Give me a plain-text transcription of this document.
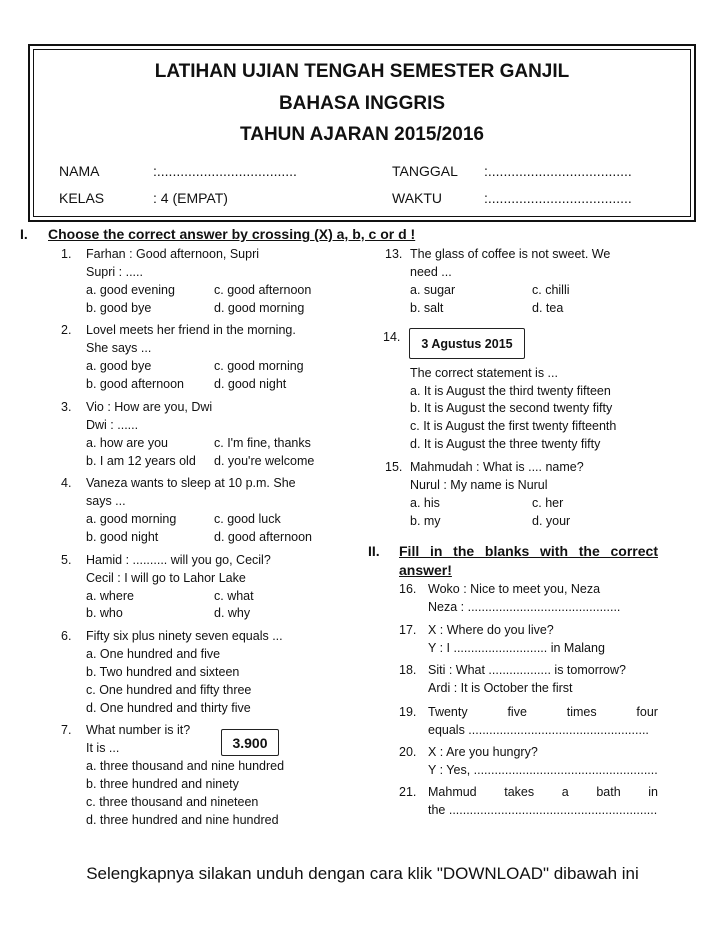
LATIHAN UJIAN TENGAH SEMESTER GANJIL
BAHASA INGGRIS
TAHUN AJARAN 2015/2016
NAMA	:....................................	TANGGAL :.....................................
KELAS	: 4 (EMPAT)	WAKTU	:.....................................
I. Choose the correct answer by crossing (X) a, b, c or d !
1. Farhan : Good afternoon, Supri
Supri : .....
a. good evening	c. good afternoon
b. good bye	d. good morning
2. Lovel meets her friend in the morning.
She says ...
a. good bye	c. good morning
b. good afternoon d. good night
3. Vio : How are you, Dwi
Dwi : ......
a. how are you	c. I'm fine, thanks
b. I am 12 years old d. you're welcome
4. Vaneza wants to sleep at 10 p.m. She
says ...
a. good morning	c. good luck
b. good night	d. good afternoon
5. Hamid : .......... will you go, Cecil?
Cecil : I will go to Lahor Lake
a. where	c. what
b. who	d. why
6. Fifty six plus ninety seven equals ...
a. One hundred and five
b. Two hundred and sixteen
c. One hundred and fifty three
d. One hundred and thirty five
7. What number is it?
It is ...	3.900
a. three thousand and nine hundred
b. three hundred and ninety
c. three thousand and nineteen
d. three hundred and nine hundred
13. The glass of coffee is not sweet. We
need ...
a. sugar	c. chilli
b. salt	d. tea
14.	3 Agustus 2015
The correct statement is ...
a. It is August the third twenty fifteen
b. It is August the second twenty fifty
c. It is August the first twenty fifteenth
d. It is August the three twenty fifty
15. Mahmudah : What is .... name?
Nurul : My name is Nurul
a. his	c. her
b. my	d. your
II. Fill in the blanks with the correct
answer!
16. Woko : Nice to meet you, Neza
Neza : ............................................
17. X : Where do you live?
Y : I ........................... in Malang
18. Siti : What .................. is tomorrow?
Ardi : It is October the first
19. Twenty	five	times	four
equals ....................................................
20. X : Are you hungry?
Y : Yes, .....................................................
21. Mahmud takes a bath in
the ............................................................
Selengkapnya silakan unduh dengan cara klik "DOWNLOAD" dibawah ini
